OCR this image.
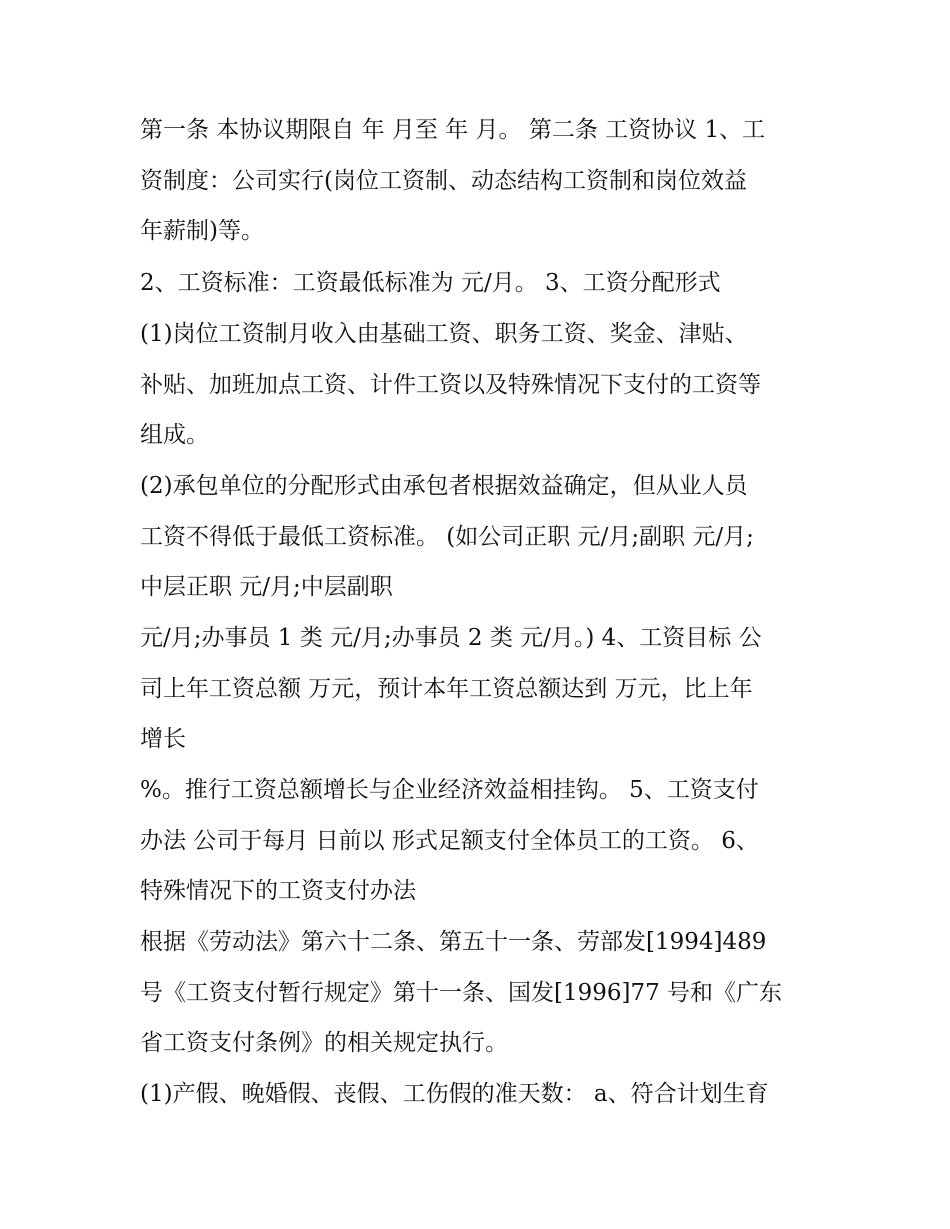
第一条 本协议期限自 年 月至 年 月。 第二条 工资协议 1、工

资制度：公司实行(岗位工资制、动态结构工资制和岗位效益

年薪制)等。

2、工资标准：工资最低标准为 元/月。 3、工资分配形式

(1)岗位工资制月收入由基础工资、职务工资、奖金、津贴、

补贴、加班加点工资、计件工资以及特殊情况下支付的工资等

组成。

(2)承包单位的分配形式由承包者根据效益确定，但从业人员

工资不得低于最低工资标准。 (如公司正职 元/月;副职 元/月;

中层正职 元/月;中层副职

元/月;办事员 1 类 元/月;办事员 2 类 元/月。) 4、工资目标 公

司上年工资总额 万元，预计本年工资总额达到 万元，比上年

增长

%。推行工资总额增长与企业经济效益相挂钩。 5、工资支付

办法 公司于每月 日前以 形式足额支付全体员工的工资。 6、

特殊情况下的工资支付办法

根据《劳动法》第六十二条、第五十一条、劳部发[1994]489

号《工资支付暂行规定》第十一条、国发[1996]77 号和《广东

省工资支付条例》的相关规定执行。

(1)产假、晚婚假、丧假、工伤假的准天数： a、符合计划生育
